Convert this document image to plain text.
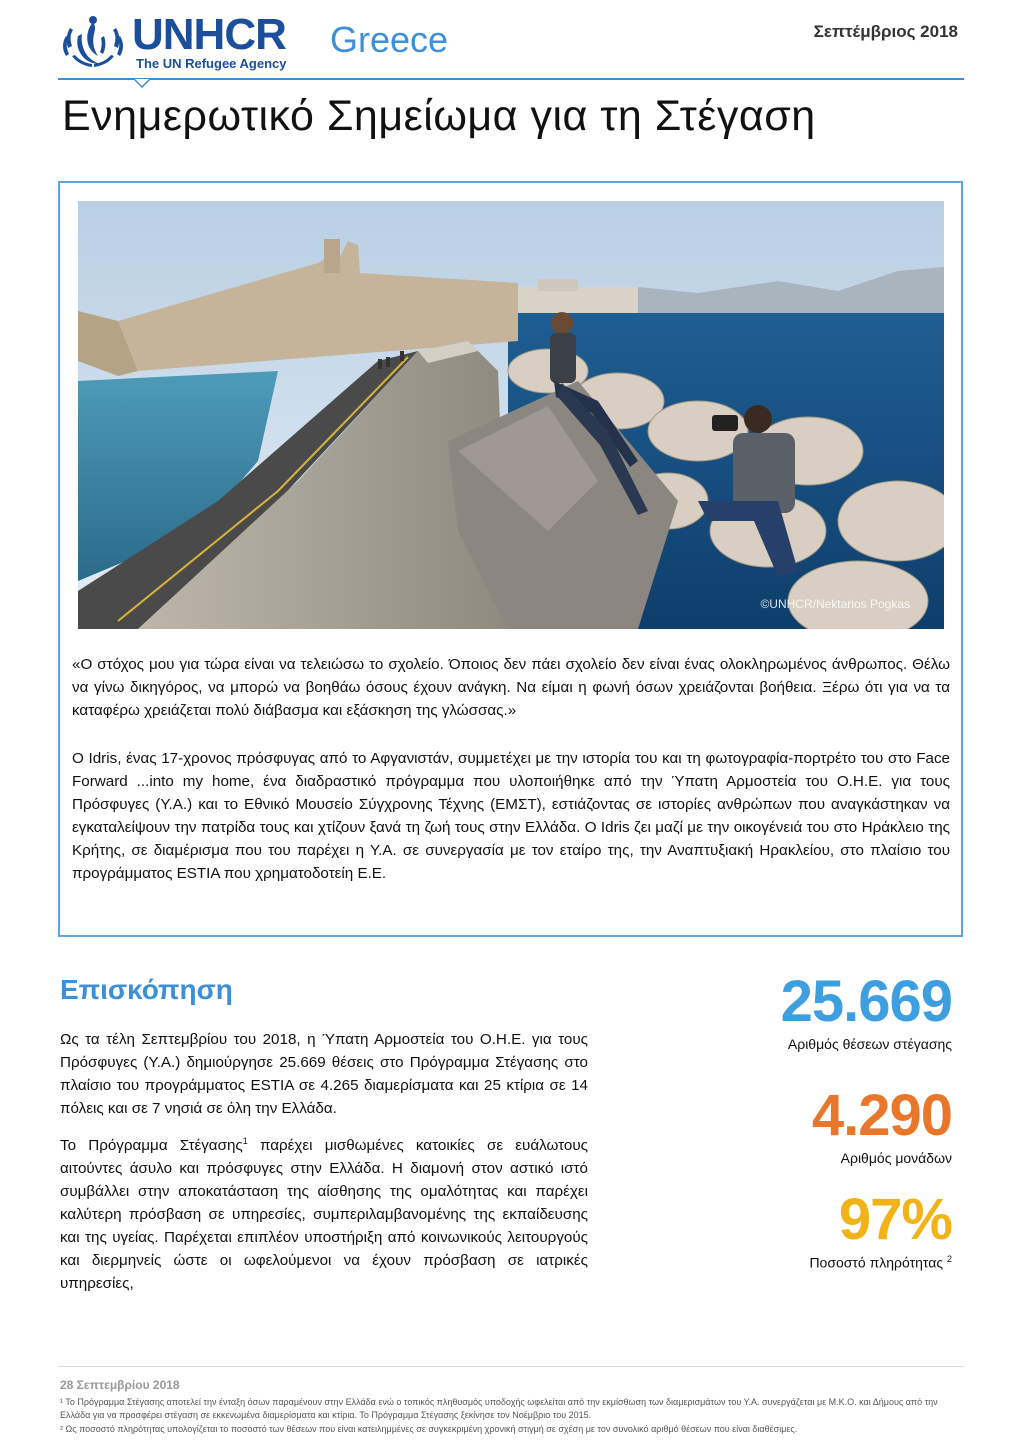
UNHCR
The UN Refugee Agency
Greece	Σεπτέμβριος 2018
Ενημερωτικό Σημείωμα για τη Στέγαση
©UNHCR/Nektarios Pogkas

«Ο στόχος μου για τώρα είναι να τελειώσω το σχολείο. Όποιος δεν πάει σχολείο δεν είναι ένας ολοκληρωμένος άνθρωπος. Θέλω να γίνω δικηγόρος, να μπορώ να βοηθάω όσους έχουν ανάγκη. Να είμαι η φωνή όσων χρειάζονται βοήθεια. Ξέρω ότι για να τα καταφέρω χρειάζεται πολύ διάβασμα και εξάσκηση της γλώσσας.»

Ο Idris, ένας 17-χρονος πρόσφυγας από το Αφγανιστάν, συμμετέχει με την ιστορία του και τη φωτογραφία-πορτρέτο του στο Face Forward ...into my home, ένα διαδραστικό πρόγραμμα που υλοποιήθηκε από την Ύπατη Αρμοστεία του Ο.Η.Ε. για τους Πρόσφυγες (Υ.Α.) και το Εθνικό Μουσείο Σύγχρονης Τέχνης (ΕΜΣΤ), εστιάζοντας σε ιστορίες ανθρώπων που αναγκάστηκαν να εγκαταλείψουν την πατρίδα τους και χτίζουν ξανά τη ζωή τους στην Ελλάδα. Ο Idris ζει μαζί με την οικογένειά του στο Ηράκλειο της Κρήτης, σε διαμέρισμα που του παρέχει η Υ.Α. σε συνεργασία με τον εταίρο της, την Αναπτυξιακή Ηρακλείου, στο πλαίσιο του προγράμματος ESTIA που χρηματοδοτείη Ε.Ε.

Επισκόπηση

Ως τα τέλη Σεπτεμβρίου του 2018, η Ύπατη Αρμοστεία του Ο.Η.Ε. για τους Πρόσφυγες (Υ.Α.) δημιούργησε 25.669 θέσεις στο Πρόγραμμα Στέγασης στο πλαίσιο του προγράμματος ESTIA σε 4.265 διαμερίσματα και 25 κτίρια σε 14 πόλεις και σε 7 νησιά σε όλη την Ελλάδα.

Το Πρόγραμμα Στέγασης$^1$ παρέχει μισθωμένες κατοικίες σε ευάλωτους αιτούντες άσυλο και πρόσφυγες στην Ελλάδα. Η διαμονή στον αστικό ιστό συμβάλλει στην αποκατάσταση της αίσθησης της ομαλότητας και παρέχει καλύτερη πρόσβαση σε υπηρεσίες, συμπεριλαμβανομένης της εκπαίδευσης και της υγείας. Παρέχεται επιπλέον υποστήριξη από κοινωνικούς λειτουργούς και διερμηνείς ώστε οι ωφελούμενοι να έχουν πρόσβαση σε ιατρικές υπηρεσίες,

25.669
Αριθμός θέσεων στέγασης
4.290
Αριθμός μονάδων
97%
Ποσοστό πληρότητας $^2$
28 Σεπτεμβρίου 2018

¹ Το Πρόγραμμα Στέγασης αποτελεί την ένταξη όσων παραμένουν στην Ελλάδα ενώ ο τοπικός πληθυσμός υποδοχής ωφελείται από την εκμίσθωση των διαμερισμάτων του Υ.Α. συνεργάζεται με Μ.Κ.Ο. και Δήμους από την Ελλάδα για να προσφέρει στέγαση σε εκκενωμένα διαμερίσματα και κτίρια. Το Πρόγραμμα Στέγασης ξεκίνησε τον Νοέμβριο του 2015.

² Ως ποσοστό πληρότητας υπολογίζεται το ποσοστό των θέσεων που είναι κατειλημμένες σε συγκεκριμένη χρονική στιγμή σε σχέση με τον συνολικό αριθμό θέσεων που είναι διαθέσιμες.
